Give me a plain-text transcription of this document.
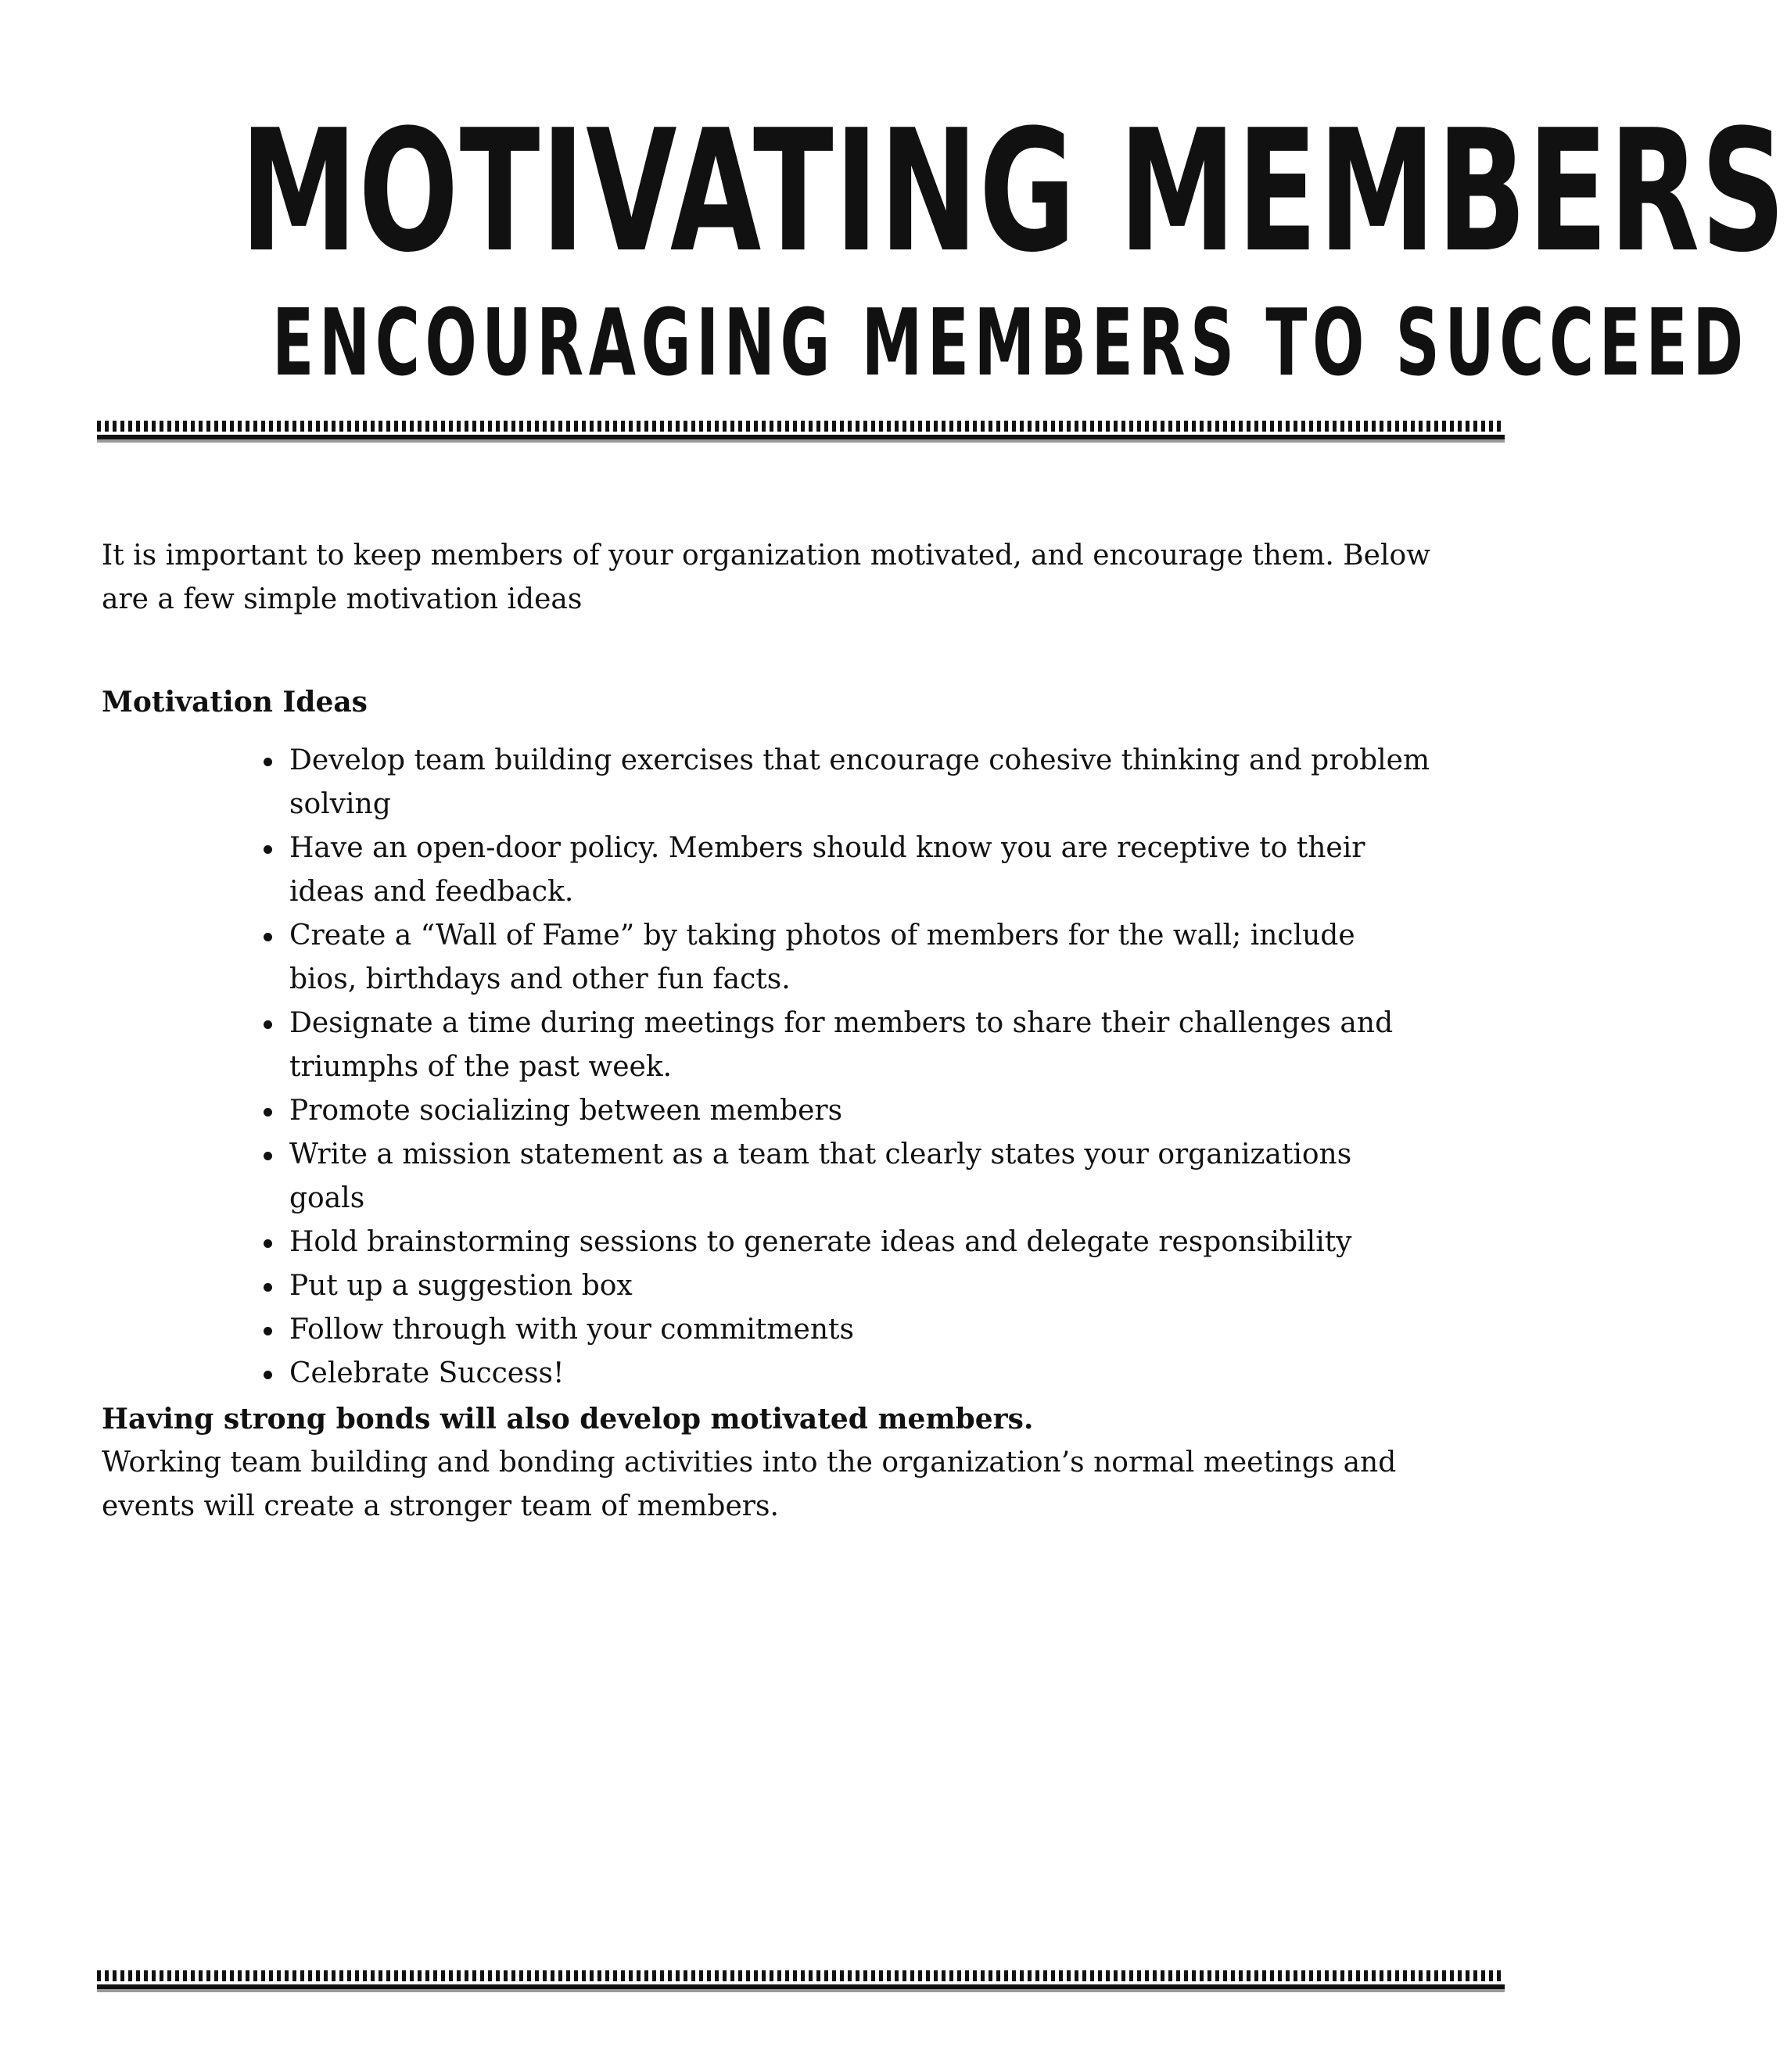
MOTIVATING MEMBERS
ENCOURAGING MEMBERS TO SUCCEED

It is important to keep members of your organization motivated, and encourage them. Below are a few simple motivation ideas

Motivation Ideas

Develop team building exercises that encourage cohesive thinking and problem solving
Have an open-door policy. Members should know you are receptive to their ideas and feedback.
Create a “Wall of Fame” by taking photos of members for the wall; include bios, birthdays and other fun facts.
Designate a time during meetings for members to share their challenges and triumphs of the past week.
Promote socializing between members
Write a mission statement as a team that clearly states your organizations goals
Hold brainstorming sessions to generate ideas and delegate responsibility
Put up a suggestion box
Follow through with your commitments
Celebrate Success!

Having strong bonds will also develop motivated members.

Working team building and bonding activities into the organization’s normal meetings and events will create a stronger team of members.
